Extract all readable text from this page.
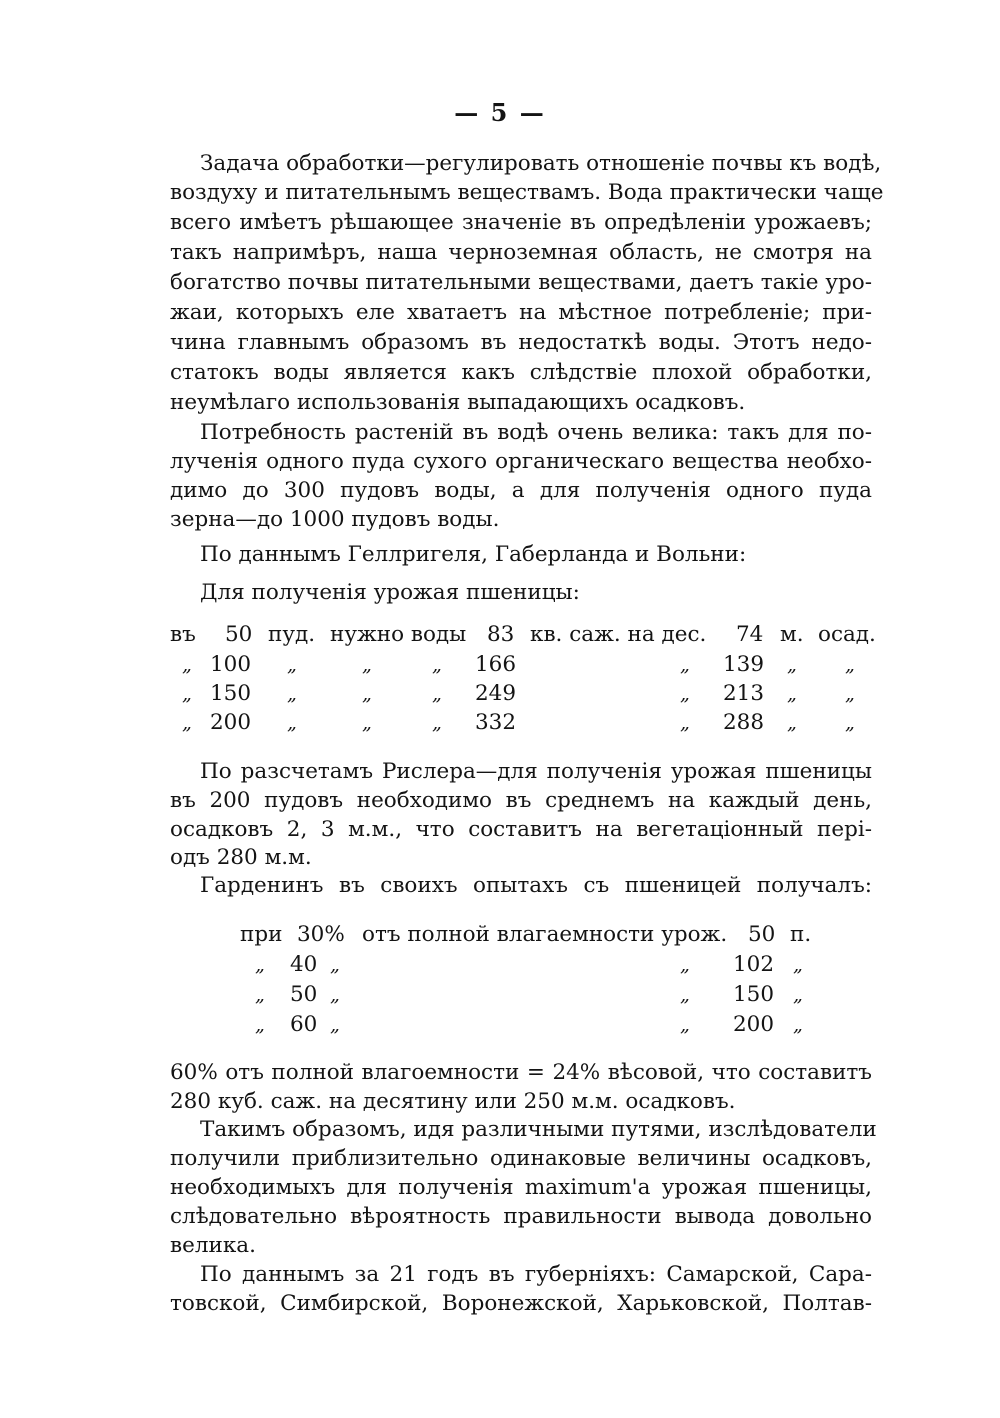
— 5 —
Задача обработки—регулировать отношеніе почвы къ водѣ,
воздуху и питательнымъ веществамъ. Вода практически чаще
всего имѣетъ рѣшающее значеніе въ опредѣленіи урожаевъ;
такъ напримѣръ, наша черноземная область, не смотря на
богатство почвы питательными веществами, даетъ такіе уро-
жаи, которыхъ еле хватаетъ на мѣстное потребленіе; при-
чина главнымъ образомъ въ недостаткѣ воды. Этотъ недо-
статокъ воды является какъ слѣдствіе плохой обработки,
неумѣлаго использованія выпадающихъ осадковъ.
Потребность растеній въ водѣ очень велика: такъ для по-
лученія одного пуда сухого органическаго вещества необхо-
димо до 300 пудовъ воды, а для полученія одного пуда
зерна—до 1000 пудовъ воды.
По даннымъ Геллригеля, Габерланда и Вольни:
Для полученія урожая пшеницы:
въ 50 пуд. нужно воды 83 кв. саж. на дес. 74 м. осад.
„ 100 „	„	„ 166	„ 139 „	„
„ 150 „	„	„ 249	„ 213 „	„
„ 200 „	„	„ 332	„ 288 „	„
По разсчетамъ Рислера—для полученія урожая пшеницы
въ 200 пудовъ необходимо въ среднемъ на каждый день,
осадковъ 2, 3 м.м., что составитъ на вегетаціонный пері-
одъ 280 м.м.
Гарденинъ въ своихъ опытахъ съ пшеницей получалъ:
при 30% отъ полной влагаемности урож. 50 п.
„ 40 „	„ 102 „
„ 50 „	„ 150 „
„ 60 „	„ 200 „
60% отъ полной влагоемности = 24% вѣсовой, что составитъ
280 куб. саж. на десятину или 250 м.м. осадковъ.
Такимъ образомъ, идя различными путями, изслѣдователи
получили приблизительно одинаковые величины осадковъ,
необходимыхъ для полученія maximum'а урожая пшеницы,
слѣдовательно вѣроятность правильности вывода довольно
велика.
По даннымъ за 21 годъ въ губерніяхъ: Самарской, Сара-
товской, Симбирской, Воронежской, Харьковской, Полтав-
